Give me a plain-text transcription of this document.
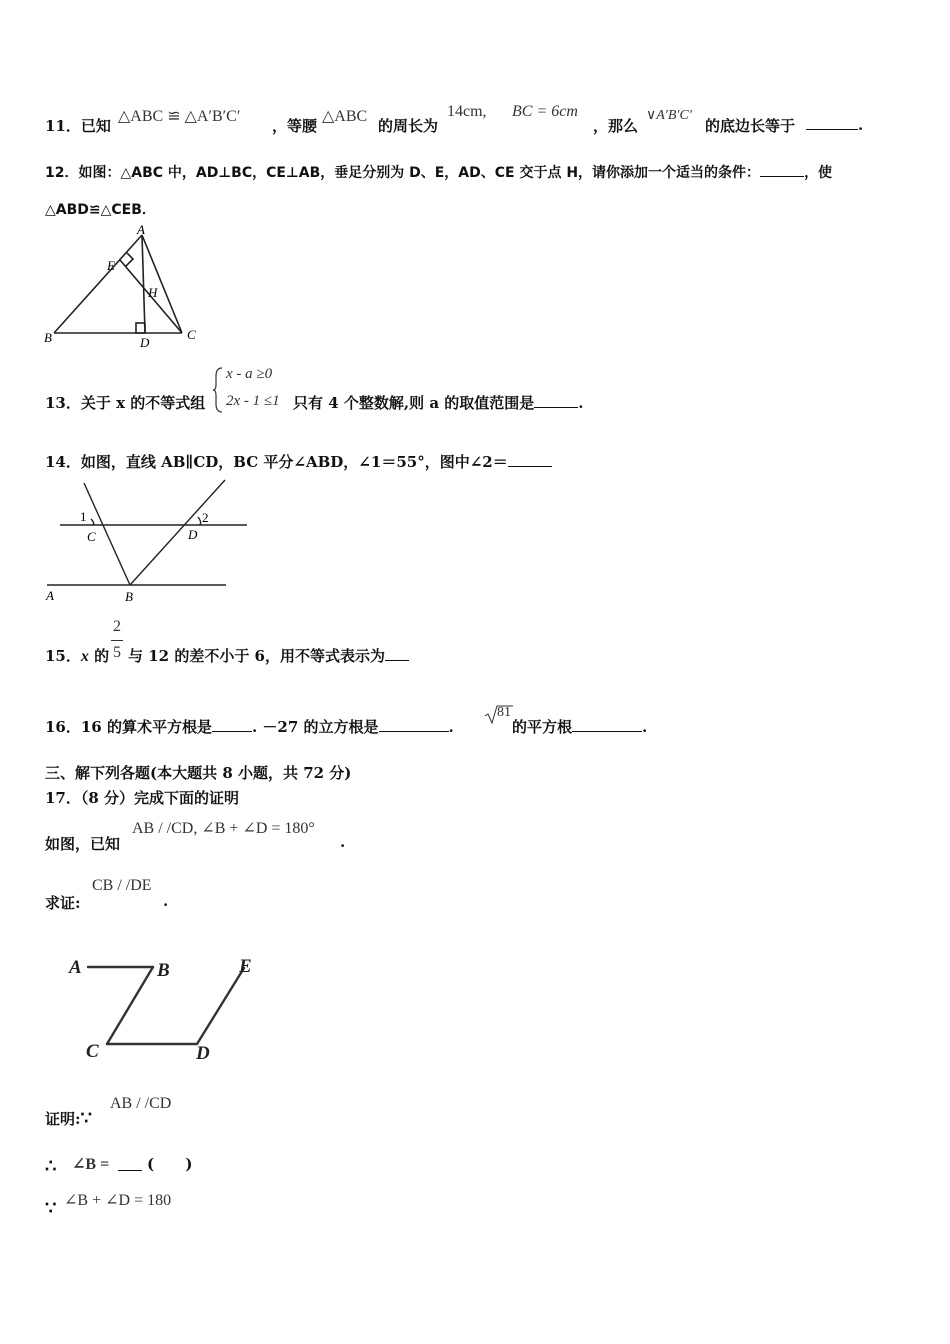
11．已知
△ABC ≌ △A′B′C′
，等腰
△ABC
的周长为
14cm, BC = 6cm
，那么
∨A′B′C′
的底边长等于	.
12．如图：△ABC 中，AD⊥BC，CE⊥AB，垂足分别为 D、E，AD、CE 交于点 H，请你添加一个适当的条件：	，使
△ABD≌△CEB．
A
E
H
B	C
D
13．关于 x 的不等式组
x - a ≥0
2x - 1 ≤1 只有 4 个整数解,则 a 的取值范围是	.
14．如图，直线 AB∥CD，BC 平分∠ABD，∠1＝55°，图中∠2＝
1	2
C	D
A	B
15．x 的
2
5 与 12 的差不小于 6，用不等式表示为
16．16 的算术平方根是	. －27 的立方根是	.
81
的平方根	.
三、解下列各题(本大题共 8 小题，共 72 分)
17．（8 分）完成下面的证明
如图，已知
AB / /CD, ∠B + ∠D = 180°
.
求证:
CB / /DE
.
A	B	E
C	D
证明:∵
AB / /CD
∴ ∠B =	(      )
∵ ∠B + ∠D = 180
